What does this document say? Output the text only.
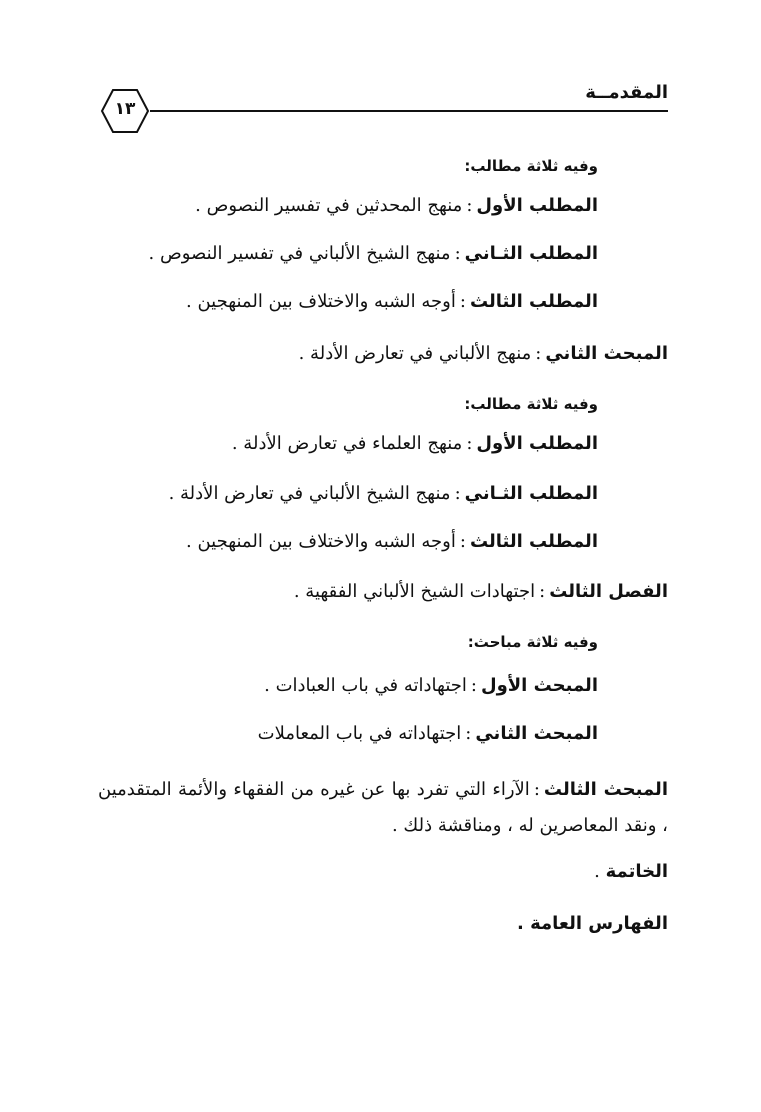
المقدمــة
١٣
وفيه ثلاثة مطالب:
المطلب الأول:منهج المحدثين في تفسير النصوص .
المطلب الثـاني:منهج الشيخ الألباني في تفسير النصوص .
المطلب الثالث:أوجه الشبه والاختلاف بين المنهجين .
المبحث الثاني:منهج الألباني في تعارض الأدلة .
وفيه ثلاثة مطالب:
المطلب الأول:منهج العلماء في تعارض الأدلة .
المطلب الثـاني:منهج الشيخ الألباني في تعارض الأدلة .
المطلب الثالث:أوجه الشبه والاختلاف بين المنهجين .
الفصل الثالث:اجتهادات الشيخ الألباني الفقهية .
وفيه ثلاثة مباحث:
المبحث الأول:اجتهاداته في باب العبادات .
المبحث الثاني:اجتهاداته في باب المعاملات
المبحث الثالث:الآراء التي تفرد بها عن غيره من الفقهاء والأئمة المتقدمين ، ونقد المعاصرين له ، ومناقشة ذلك .
الخاتمة .
الفهارس العامة .
